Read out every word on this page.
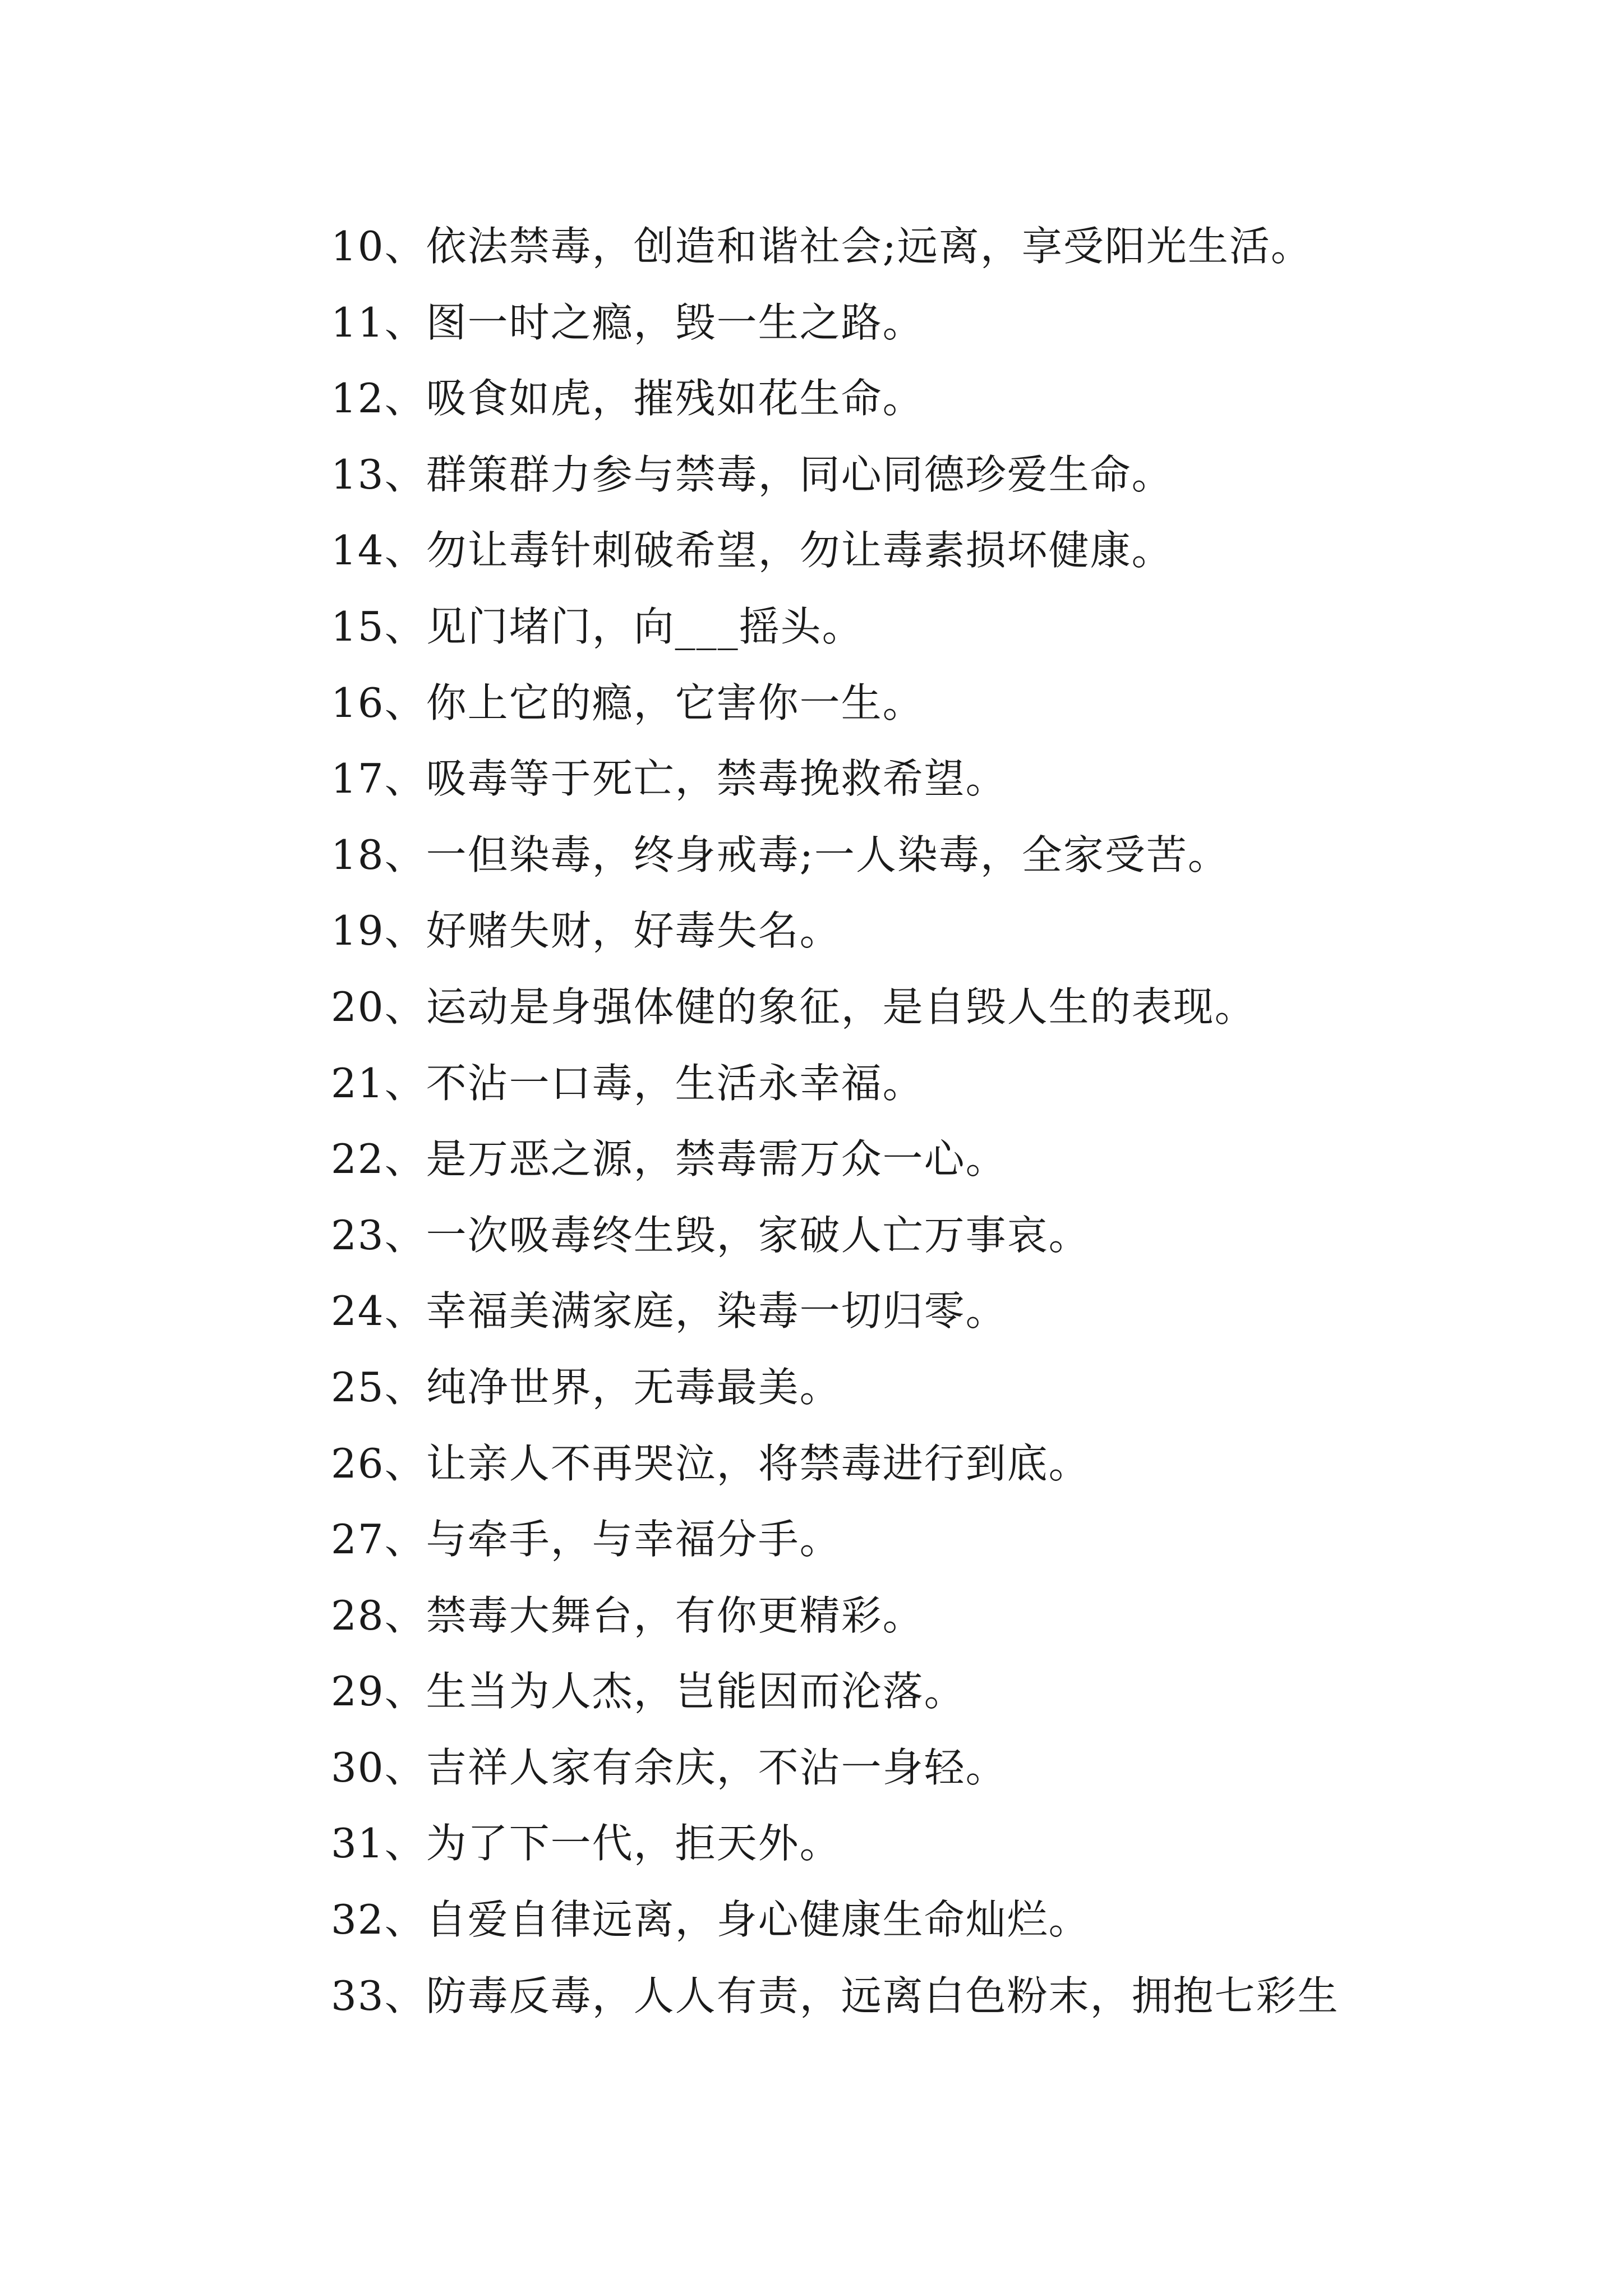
10、依法禁毒，创造和谐社会;远离，享受阳光生活。
11、图一时之瘾，毁一生之路。
12、吸食如虎，摧残如花生命。
13、群策群力参与禁毒，同心同德珍爱生命。
14、勿让毒针刺破希望，勿让毒素损坏健康。
15、见门堵门，向___摇头。
16、你上它的瘾，它害你一生。
17、吸毒等于死亡，禁毒挽救希望。
18、一但染毒，终身戒毒;一人染毒，全家受苦。
19、好赌失财，好毒失名。
20、运动是身强体健的象征，是自毁人生的表现。
21、不沾一口毒，生活永幸福。
22、是万恶之源，禁毒需万众一心。
23、一次吸毒终生毁，家破人亡万事哀。
24、幸福美满家庭，染毒一切归零。
25、纯净世界，无毒最美。
26、让亲人不再哭泣，将禁毒进行到底。
27、与牵手，与幸福分手。
28、禁毒大舞台，有你更精彩。
29、生当为人杰，岂能因而沦落。
30、吉祥人家有余庆，不沾一身轻。
31、为了下一代，拒天外。
32、自爱自律远离，身心健康生命灿烂。
33、防毒反毒，人人有责，远离白色粉末，拥抱七彩生
